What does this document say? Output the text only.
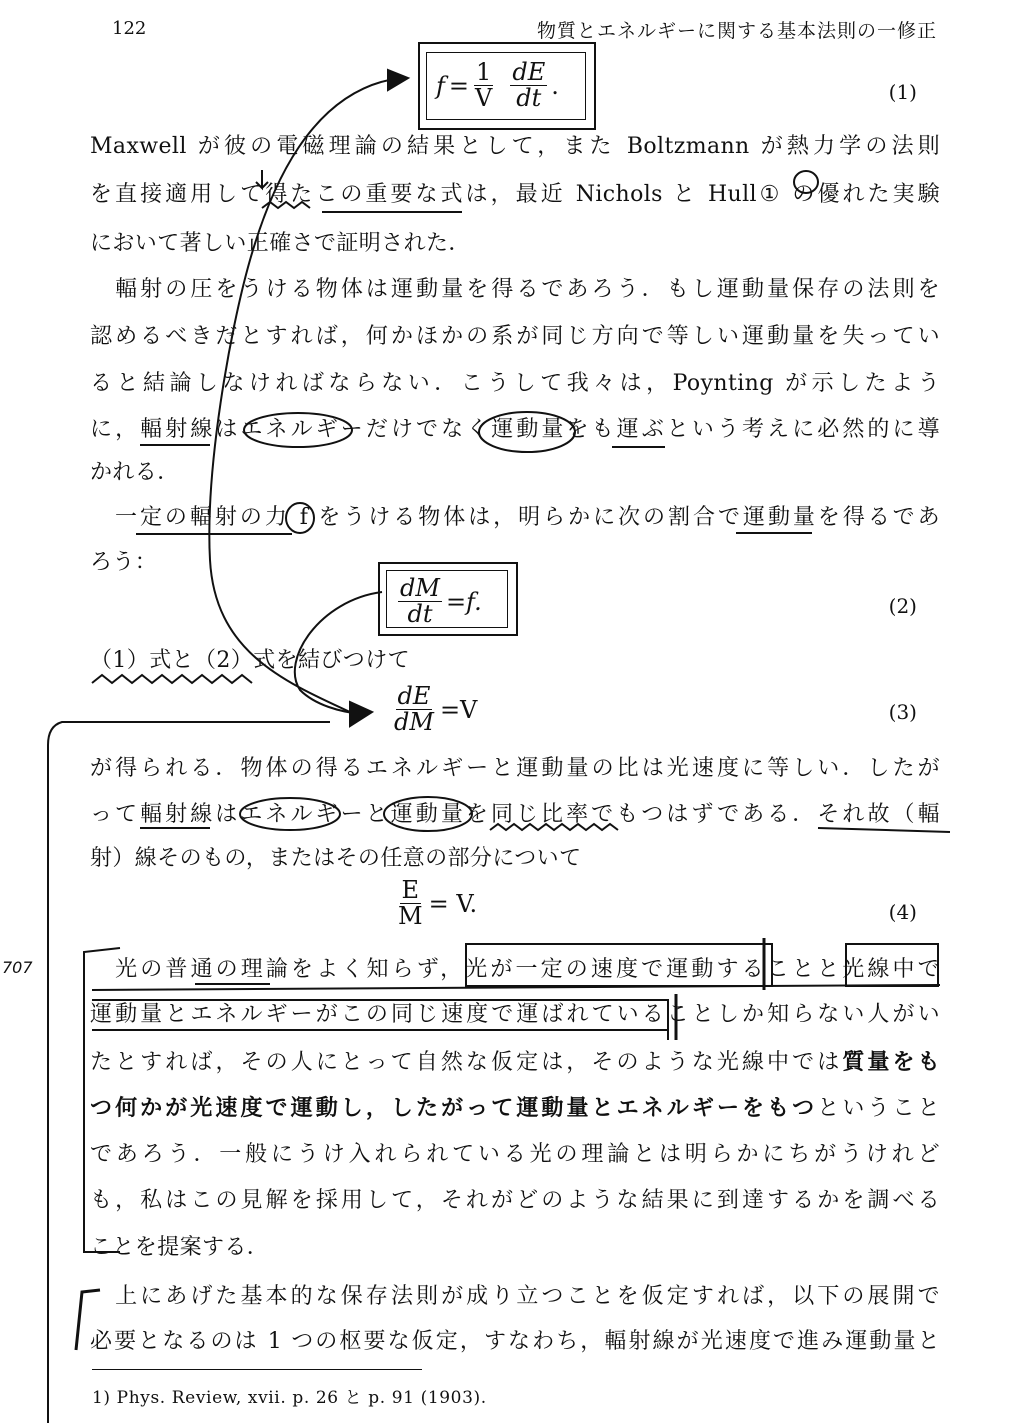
122	物質とエネルギーに関する基本法則の一修正
707
$f = \frac{1}{V} \frac{dE}{dt}$ .	(1)
Maxwell が彼の電磁理論の結果として，また Boltzmann が熱力学の法則
を直接適用して得たこの重要な式は，最近 Nichols と Hull① の優れた実験
において著しい正確さで証明された．
　輻射の圧をうける物体は運動量を得るであろう．もし運動量保存の法則を
認めるべきだとすれば，何かほかの系が同じ方向で等しい運動量を失ってい
ると結論しなければならない．こうして我々は，Poynting が示したよう
に，輻射線はエネルギーだけでなく運動量をも運ぶという考えに必然的に導
かれる．
　一定の輻射の力 f をうける物体は，明らかに次の割合で運動量を得るであ
ろう：
$\frac{dM}{dt} =f$.	(2)
（1）式と（2）式を結びつけて
$\frac{dE}{dM} =V$	(3)
が得られる．物体の得るエネルギーと運動量の比は光速度に等しい．したが
って輻射線はエネルギーと運動量を同じ比率でもつはずである．それ故（輻
射）線そのもの，またはその任意の部分について
$\frac{E}{M} = V$.	(4)
　光の普通の理論をよく知らず，光が一定の速度で運動することと光線中で
運動量とエネルギーがこの同じ速度で運ばれていることしか知らない人がい
たとすれば，その人にとって自然な仮定は，そのような光線中では質量をも
つ何かが光速度で運動し，したがって運動量とエネルギーをもつということ
であろう．一般にうけ入れられている光の理論とは明らかにちがうけれど
も，私はこの見解を採用して，それがどのような結果に到達するかを調べる
ことを提案する．
　上にあげた基本的な保存法則が成り立つことを仮定すれば，以下の展開で
必要となるのは 1 つの枢要な仮定，すなわち，輻射線が光速度で進み運動量と
1) Phys. Review, xvii. p. 26 と p. 91 (1903).
